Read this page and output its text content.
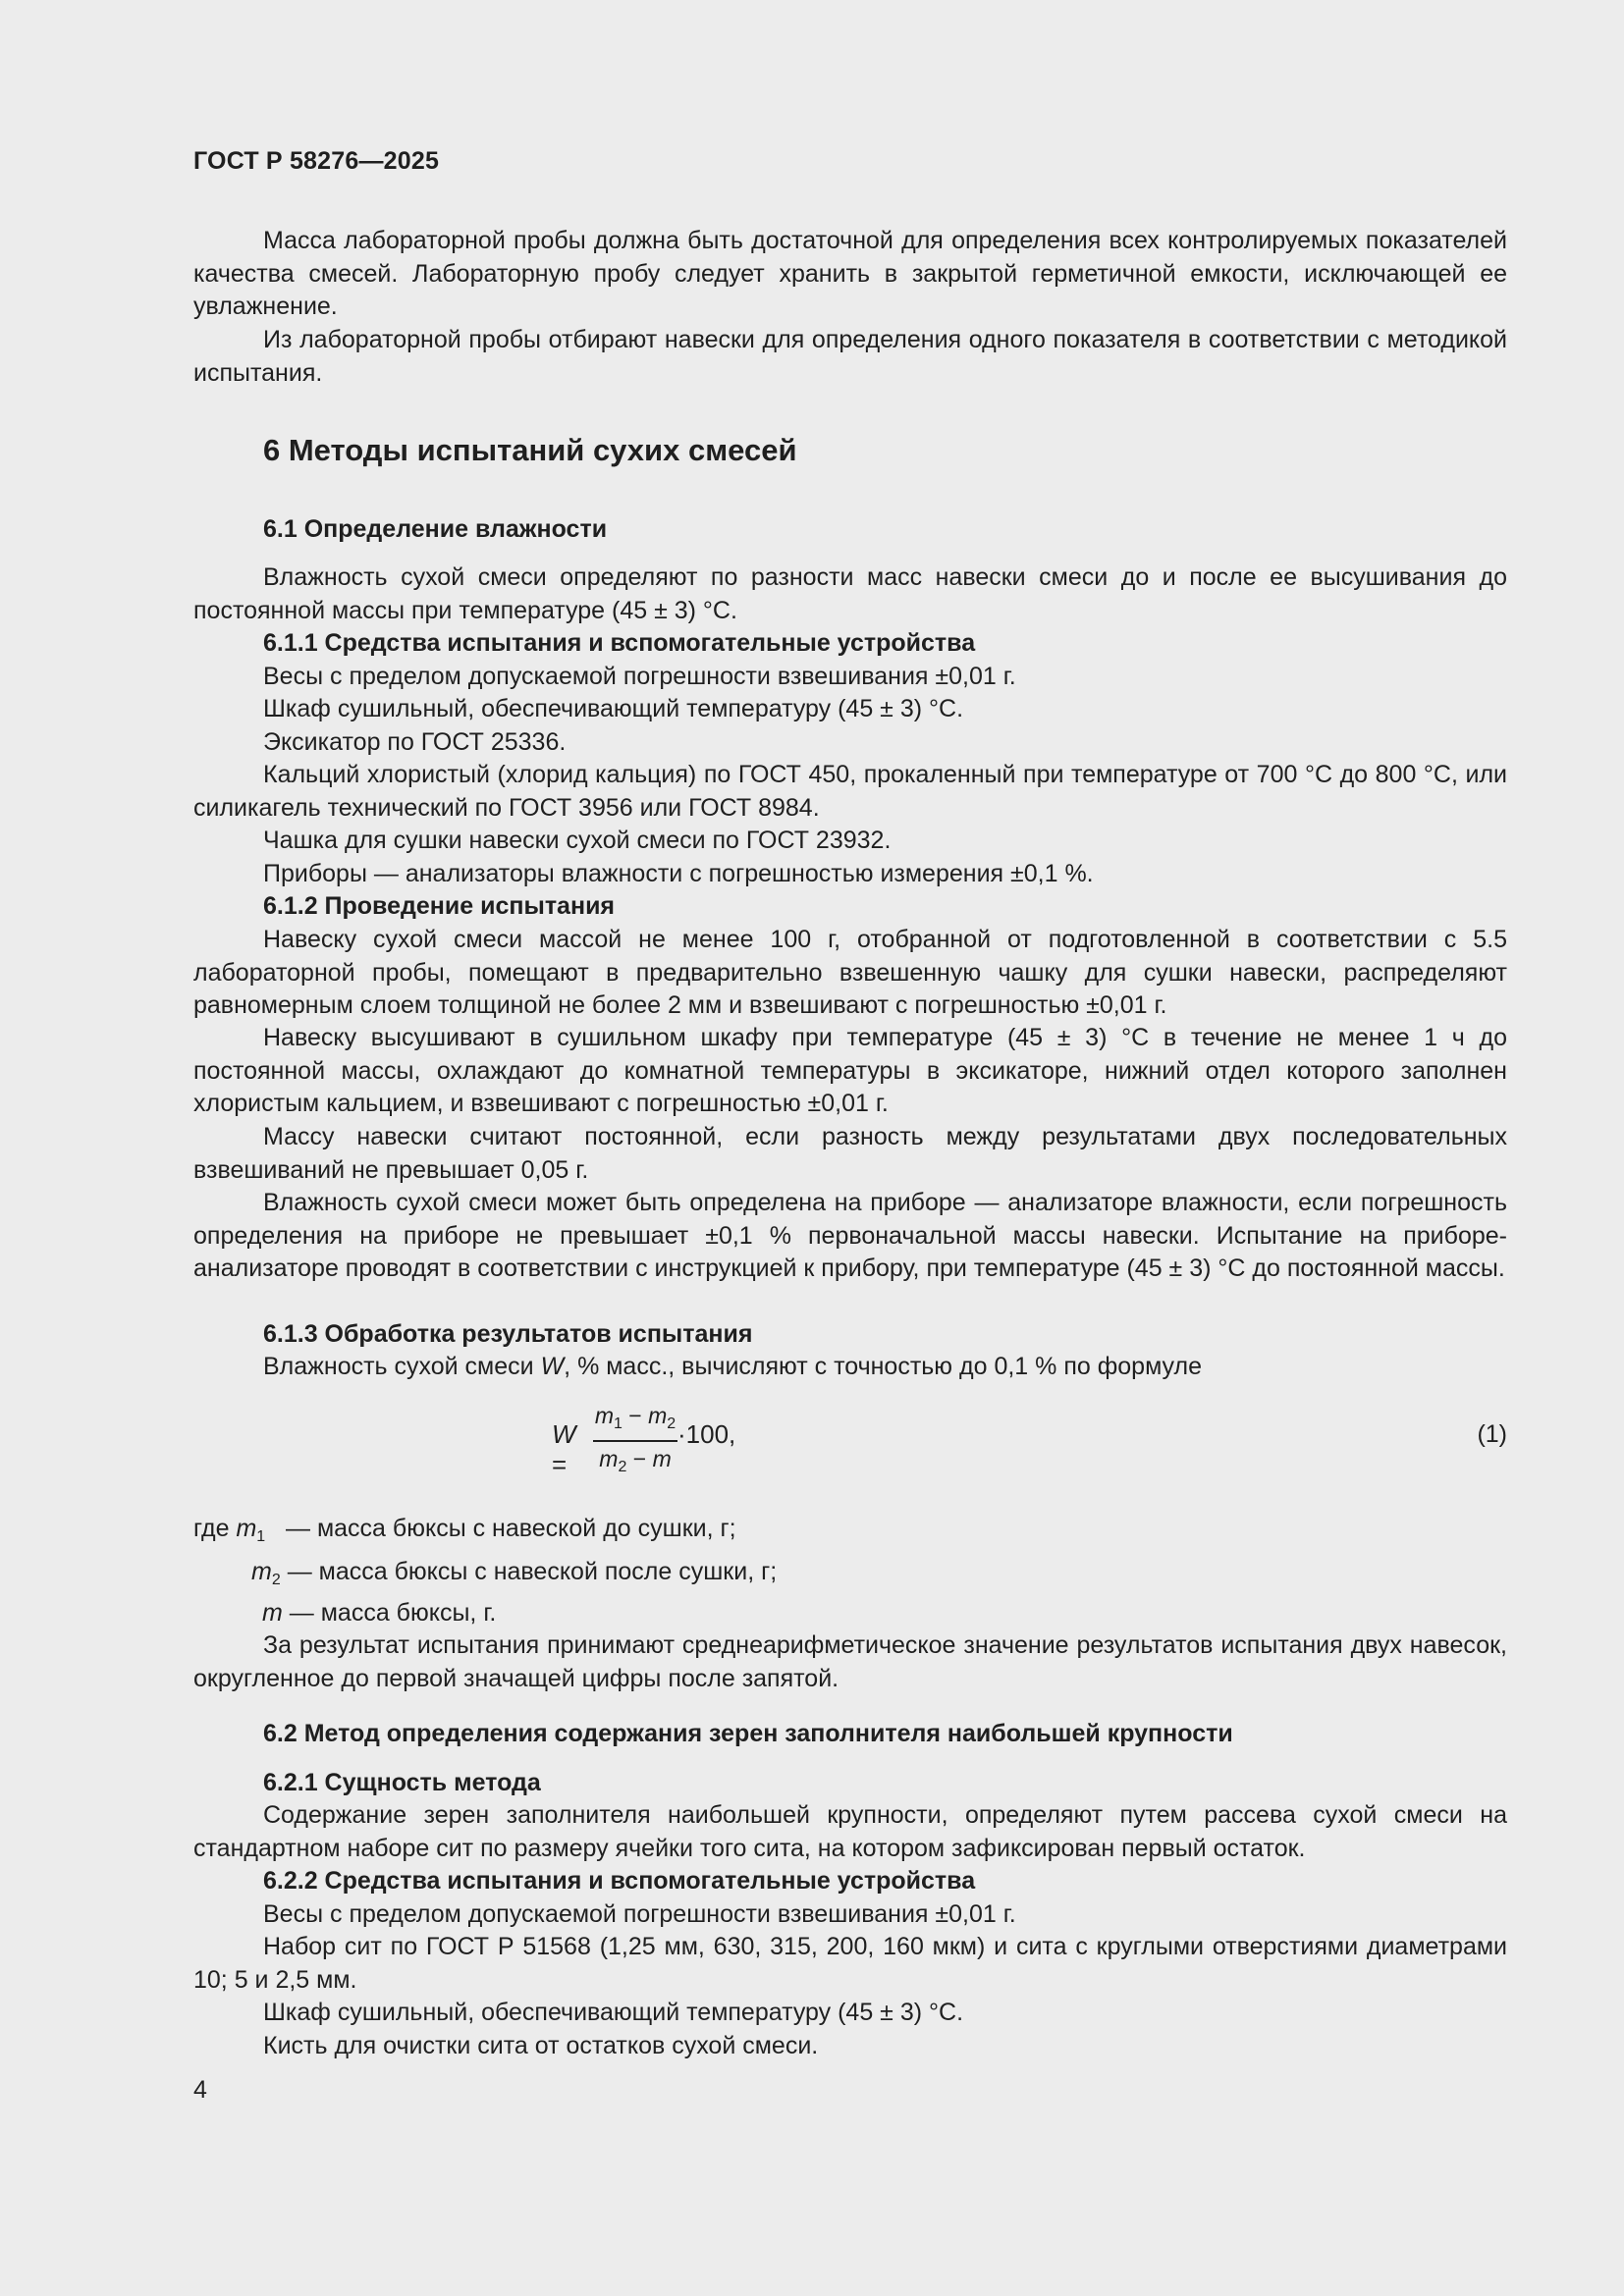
ГОСТ Р 58276—2025
Масса лабораторной пробы должна быть достаточной для определения всех контролируемых показателей качества смесей. Лабораторную пробу следует хранить в закрытой герметичной емкости, исключающей ее увлажнение.
Из лабораторной пробы отбирают навески для определения одного показателя в соответствии с методикой испытания.
6 Методы испытаний сухих смесей
6.1 Определение влажности
Влажность сухой смеси определяют по разности масс навески смеси до и после ее высушивания до постоянной массы при температуре (45 ± 3) °С.
6.1.1 Средства испытания и вспомогательные устройства
Весы с пределом допускаемой погрешности взвешивания ±0,01 г.
Шкаф сушильный, обеспечивающий температуру (45 ± 3) °С.
Эксикатор по ГОСТ 25336.
Кальций хлористый (хлорид кальция) по ГОСТ 450, прокаленный при температуре от 700 °С до 800 °С, или силикагель технический по ГОСТ 3956 или ГОСТ 8984.
Чашка для сушки навески сухой смеси по ГОСТ 23932.
Приборы — анализаторы влажности с погрешностью измерения ±0,1 %.
6.1.2 Проведение испытания
Навеску сухой смеси массой не менее 100 г, отобранной от подготовленной в соответствии с 5.5 лабораторной пробы, помещают в предварительно взвешенную чашку для сушки навески, распределяют равномерным слоем толщиной не более 2 мм и взвешивают с погрешностью ±0,01 г.
Навеску высушивают в сушильном шкафу при температуре (45 ± 3) °С в течение не менее 1 ч до постоянной массы, охлаждают до комнатной температуры в эксикаторе, нижний отдел которого заполнен хлористым кальцием, и взвешивают с погрешностью ±0,01 г.
Массу навески считают постоянной, если разность между результатами двух последовательных взвешиваний не превышает 0,05 г.
Влажность сухой смеси может быть определена на приборе — анализаторе влажности, если погрешность определения на приборе не превышает ±0,1 % первоначальной массы навески. Испытание на приборе-анализаторе проводят в соответствии с инструкцией к прибору, при температуре (45 ± 3) °С до постоянной массы.
6.1.3 Обработка результатов испытания
Влажность сухой смеси W, % масс., вычисляют с точностью до 0,1 % по формуле
W =
$m_1 - m_2$
$m_2 - m$
·100,	(1)
где $m_1$ — масса бюксы с навеской до сушки, г;
$m_2$ — масса бюксы с навеской после сушки, г;
m — масса бюксы, г.
За результат испытания принимают среднеарифметическое значение результатов испытания двух навесок, округленное до первой значащей цифры после запятой.
6.2 Метод определения содержания зерен заполнителя наибольшей крупности
6.2.1 Сущность метода
Содержание зерен заполнителя наибольшей крупности, определяют путем рассева сухой смеси на стандартном наборе сит по размеру ячейки того сита, на котором зафиксирован первый остаток.
6.2.2 Средства испытания и вспомогательные устройства
Весы с пределом допускаемой погрешности взвешивания ±0,01 г.
Набор сит по ГОСТ Р 51568 (1,25 мм, 630, 315, 200, 160 мкм) и сита с круглыми отверстиями диаметрами 10; 5 и 2,5 мм.
Шкаф сушильный, обеспечивающий температуру (45 ± 3) °С.
Кисть для очистки сита от остатков сухой смеси.
4
